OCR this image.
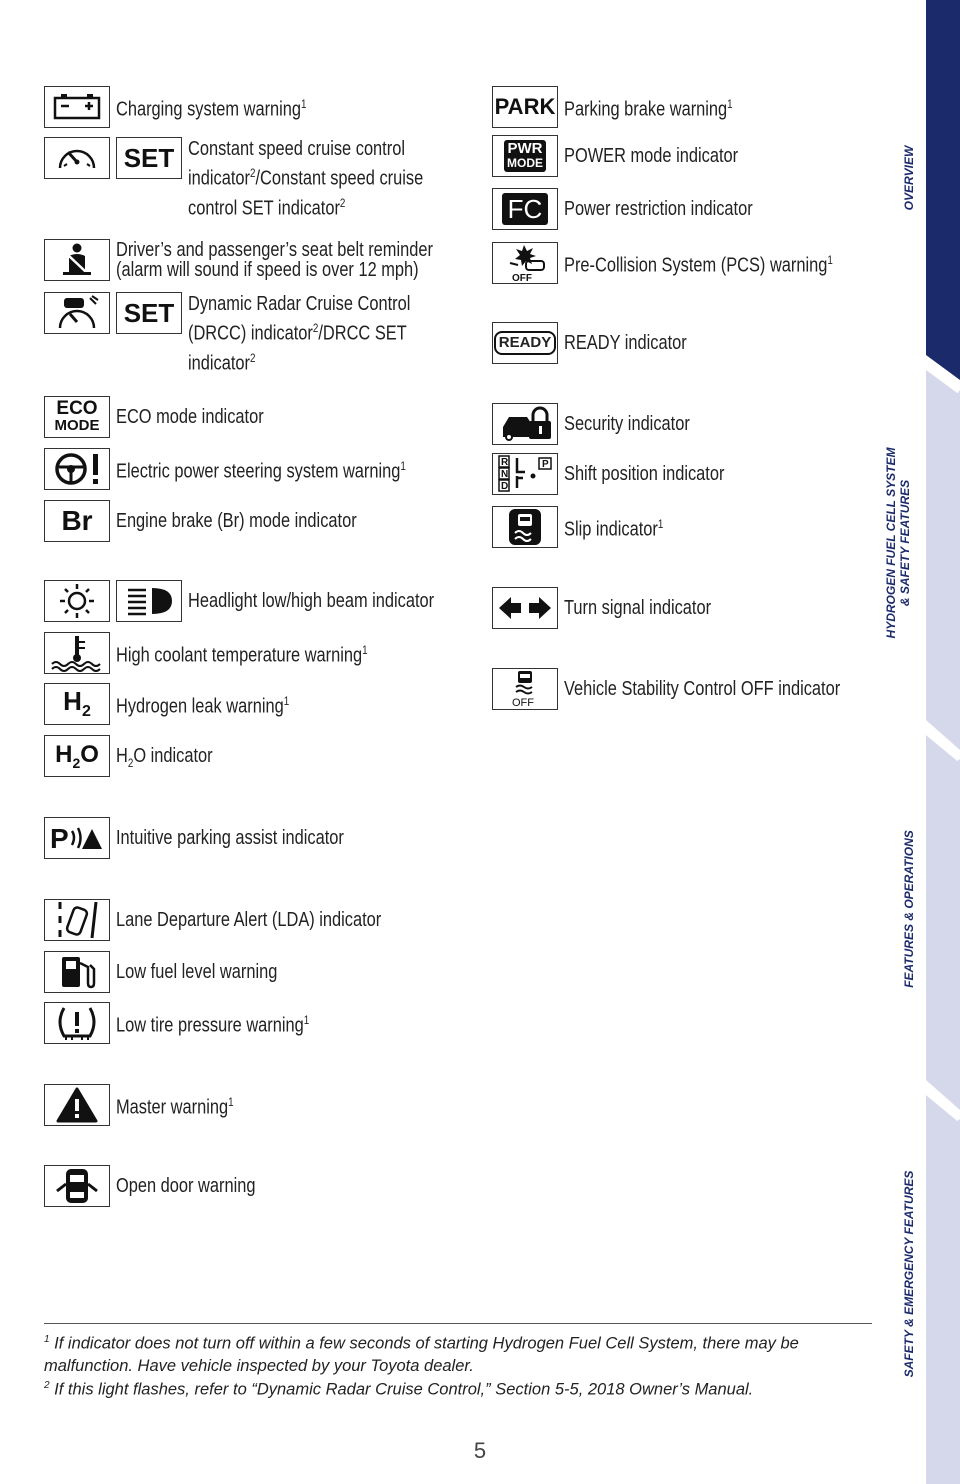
Charging system warning$^1$
SET Constant speed cruise control indicator$^2$/Constant speed cruise control SET indicator$^2$
Driver’s and passenger’s seat belt reminder (alarm will sound if speed is over 12 mph)
SET Dynamic Radar Cruise Control (DRCC) indicator$^2$/DRCC SET indicator$^2$
ECO
MODE ECO mode indicator
Electric power steering system warning$^1$
Br Engine brake (Br) mode indicator
Headlight low/high beam indicator
High coolant temperature warning$^1$
$H_2$ Hydrogen leak warning$^1$
$H_2O$ $H_2O$ indicator
P Intuitive parking assist indicator
Lane Departure Alert (LDA) indicator
Low fuel level warning
Low tire pressure warning$^1$
Master warning$^1$
Open door warning
PARK Parking brake warning$^1$
PWR
MODE POWER mode indicator
FC Power restriction indicator
OFF
Pre-Collision System (PCS) warning$^1$
READY READY indicator
Security indicator
R
N
D
P Shift position indicator
Slip indicator$^1$
Turn signal indicator
OFF
Vehicle Stability Control OFF indicator
$^1$ If indicator does not turn off within a few seconds of starting Hydrogen Fuel Cell System, there may be malfunction. Have vehicle inspected by your Toyota dealer.
$^2$ If this light flashes, refer to “Dynamic Radar Cruise Control,” Section 5-5, 2018 Owner’s Manual.
5
OVERVIEW
HYDROGEN FUEL CELL SYSTEM
& SAFETY FEATURES
FEATURES & OPERATIONS
SAFETY & EMERGENCY FEATURES
